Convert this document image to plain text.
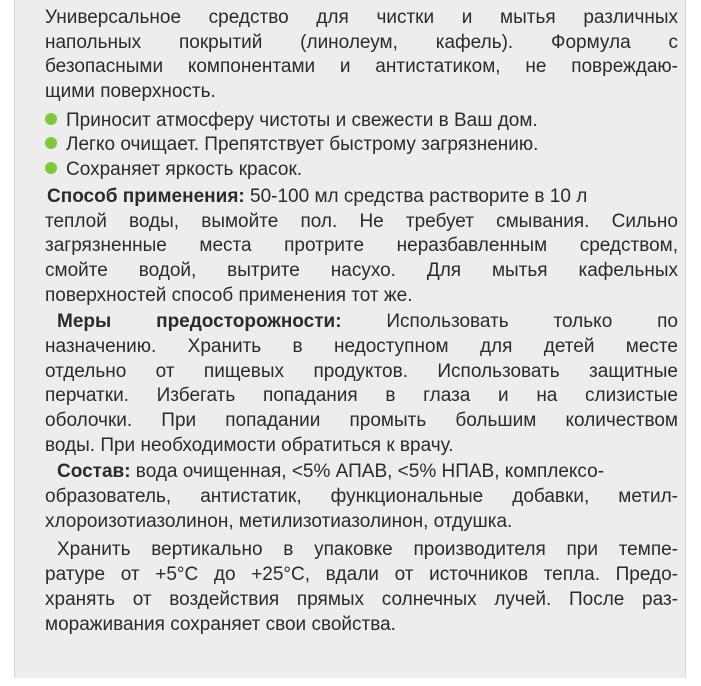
Универсальное средство для чистки и мытья различных
напольных покрытий (линолеум, кафель). Формула с
безопасными компонентами и антистатиком, не повреждаю-
щими поверхность.
Приносит атмосферу чистоты и свежести в Ваш дом.
Легко очищает. Препятствует быстрому загрязнению.
Сохраняет яркость красок.
Способ применения: 50-100 мл средства растворите в 10 л
теплой воды, вымойте пол. Не требует смывания. Сильно
загрязненные места протрите неразбавленным средством,
смойте водой, вытрите насухо. Для мытья кафельных
поверхностей способ применения тот же.
Меры предосторожности: Использовать только по
назначению. Хранить в недоступном для детей месте
отдельно от пищевых продуктов. Использовать защитные
перчатки. Избегать попадания в глаза и на слизистые
оболочки. При попадании промыть большим количеством
воды. При необходимости обратиться к врачу.
Состав: вода очищенная, <5% АПАВ, <5% НПАВ, комплексо-
образователь, антистатик, функциональные добавки, метил-
хлороизотиазолинон, метилизотиазолинон, отдушка.
Хранить вертикально в упаковке производителя при темпе-
ратуре от +5°С до +25°С, вдали от источников тепла. Предо-
хранять от воздействия прямых солнечных лучей. После раз-
мораживания сохраняет свои свойства.
